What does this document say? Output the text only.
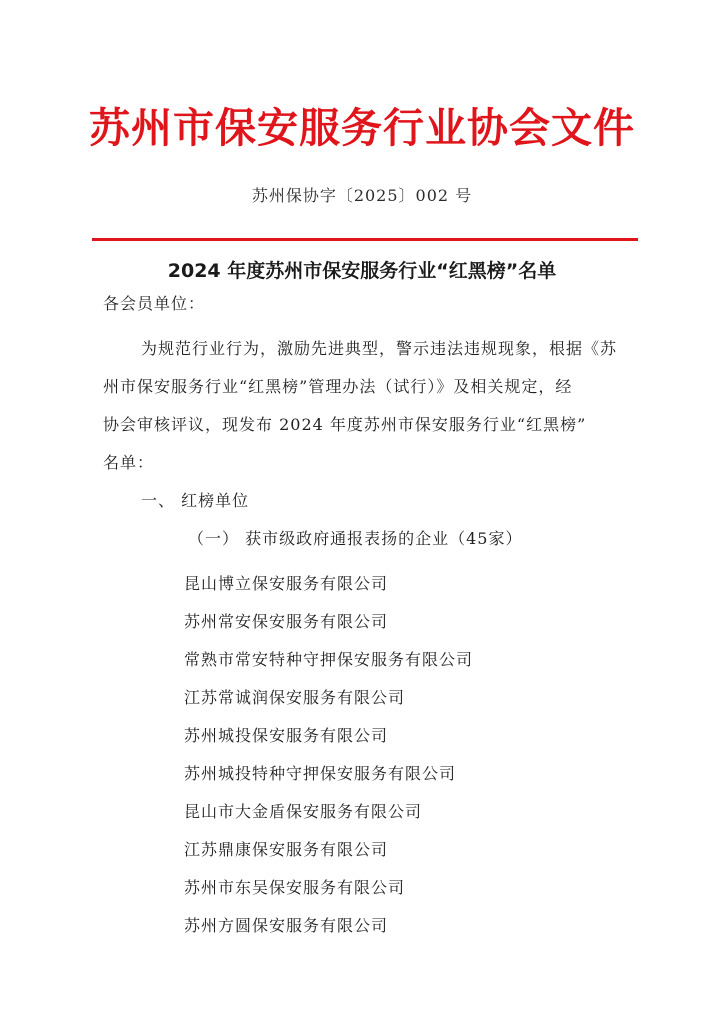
苏州市保安服务行业协会文件
苏州保协字〔2025〕002 号
2024 年度苏州市保安服务行业“红黑榜”名单
各会员单位：
为规范行业行为，激励先进典型，警示违法违规现象，根据《苏
州市保安服务行业“红黑榜”管理办法（试行）》及相关规定，经
协会审核评议，现发布 2024 年度苏州市保安服务行业“红黑榜”
名单：
一、 红榜单位
（一） 获市级政府通报表扬的企业（45家）
昆山博立保安服务有限公司
苏州常安保安服务有限公司
常熟市常安特种守押保安服务有限公司
江苏常诚润保安服务有限公司
苏州城投保安服务有限公司
苏州城投特种守押保安服务有限公司
昆山市大金盾保安服务有限公司
江苏鼎康保安服务有限公司
苏州市东吴保安服务有限公司
苏州方圆保安服务有限公司
